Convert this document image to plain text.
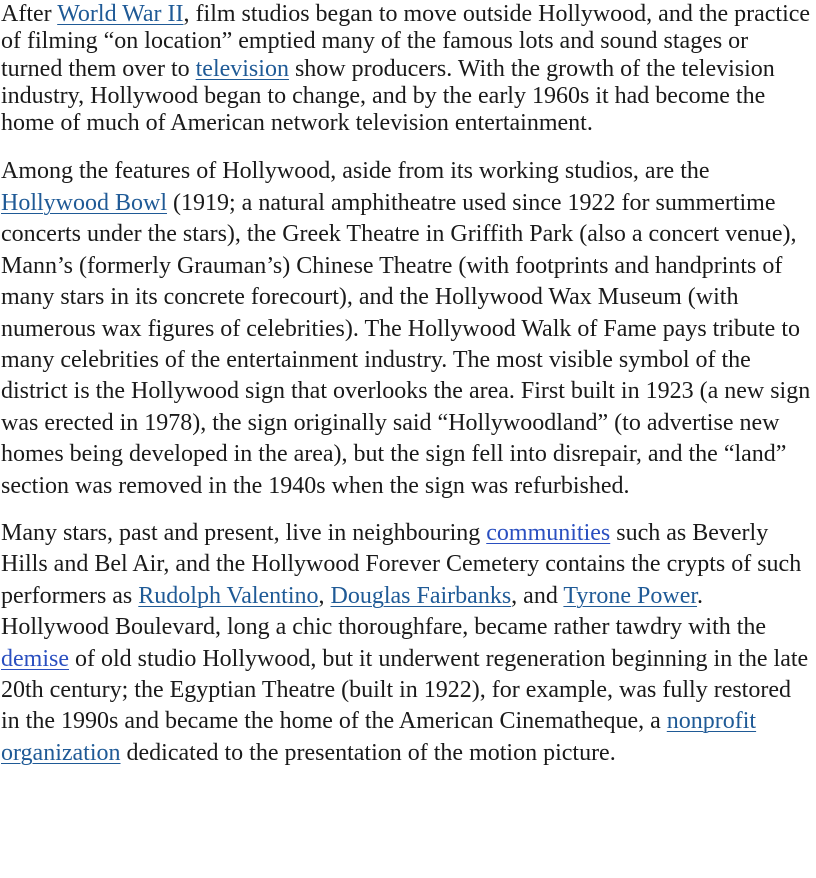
After World War II, film studios began to move outside Hollywood, and the practice of filming “on location” emptied many of the famous lots and sound stages or turned them over to television show producers. With the growth of the television industry, Hollywood began to change, and by the early 1960s it had become the home of much of American network television entertainment.

Among the features of Hollywood, aside from its working studios, are the Hollywood Bowl (1919; a natural amphitheatre used since 1922 for summertime concerts under the stars), the Greek Theatre in Griffith Park (also a concert venue), Mann’s (formerly Grauman’s) Chinese Theatre (with footprints and handprints of many stars in its concrete forecourt), and the Hollywood Wax Museum (with numerous wax figures of celebrities). The Hollywood Walk of Fame pays tribute to many celebrities of the entertainment industry. The most visible symbol of the district is the Hollywood sign that overlooks the area. First built in 1923 (a new sign was erected in 1978), the sign originally said “Hollywoodland” (to advertise new homes being developed in the area), but the sign fell into disrepair, and the “land” section was removed in the 1940s when the sign was refurbished.

Many stars, past and present, live in neighbouring communities such as Beverly Hills and Bel Air, and the Hollywood Forever Cemetery contains the crypts of such performers as Rudolph Valentino, Douglas Fairbanks, and Tyrone Power. Hollywood Boulevard, long a chic thoroughfare, became rather tawdry with the demise of old studio Hollywood, but it underwent regeneration beginning in the late 20th century; the Egyptian Theatre (built in 1922), for example, was fully restored in the 1990s and became the home of the American Cinematheque, a nonprofit organization dedicated to the presentation of the motion picture.
